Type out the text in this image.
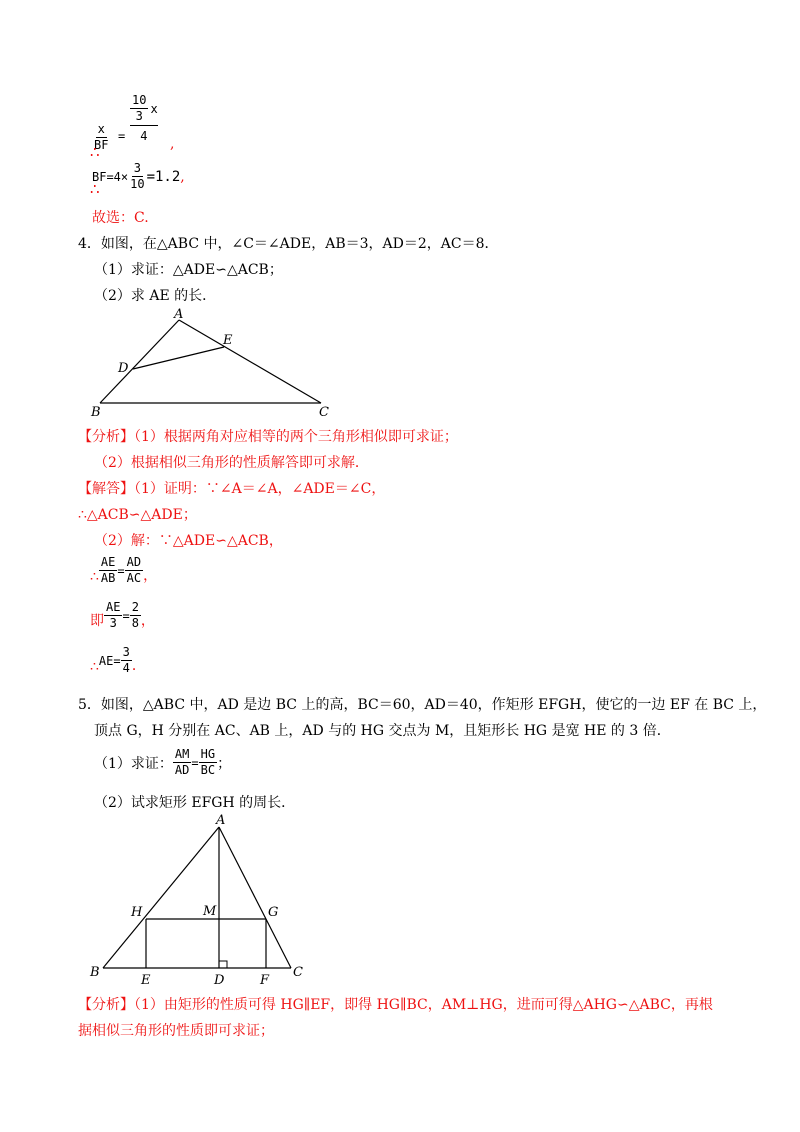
$\frac{x}{BF}$ =
$\frac{10}{3}$ x
4 ,
∴
$BF=4\times \frac{3}{10} =1.2$ ,
∴
故选：C.
4．如图，在△ABC 中，∠C＝∠ADE，AB＝3，AD＝2，AC＝8．
（1）求证：△ADE∽△ACB；
（2）求 AE 的长．
A
B	C
D
E
【分析】（1）根据两角对应相等的两个三角形相似即可求证；
（2）根据相似三角形的性质解答即可求解．
【解答】（1）证明：∵∠A＝∠A，∠ADE＝∠C，
∴△ACB∽△ADE；
（2）解：∵△ADE∽△ACB，
∴ $\frac{AE}{AB} = \frac{AD}{AC}$ ，
即 $\frac{AE}{3} = \frac{2}{8}$ ，
∴ $AE= \frac{3}{4}$ ．
5．如图，△ABC 中，AD 是边 BC 上的高，BC＝60，AD＝40，作矩形 EFGH，使它的一边 EF 在 BC 上，
顶点 G，H 分别在 AC、AB 上，AD 与的 HG 交点为 M，且矩形长 HG 是宽 HE 的 3 倍．
（1）求证： $\frac{AM}{AD} = \frac{HG}{BC}$ ；
（2）试求矩形 EFGH 的周长．
A
B	C
D
E	F
G
H	M
【分析】（1）由矩形的性质可得 HG∥EF，即得 HG∥BC，AM⊥HG，进而可得△AHG∽△ABC，再根
据相似三角形的性质即可求证；
